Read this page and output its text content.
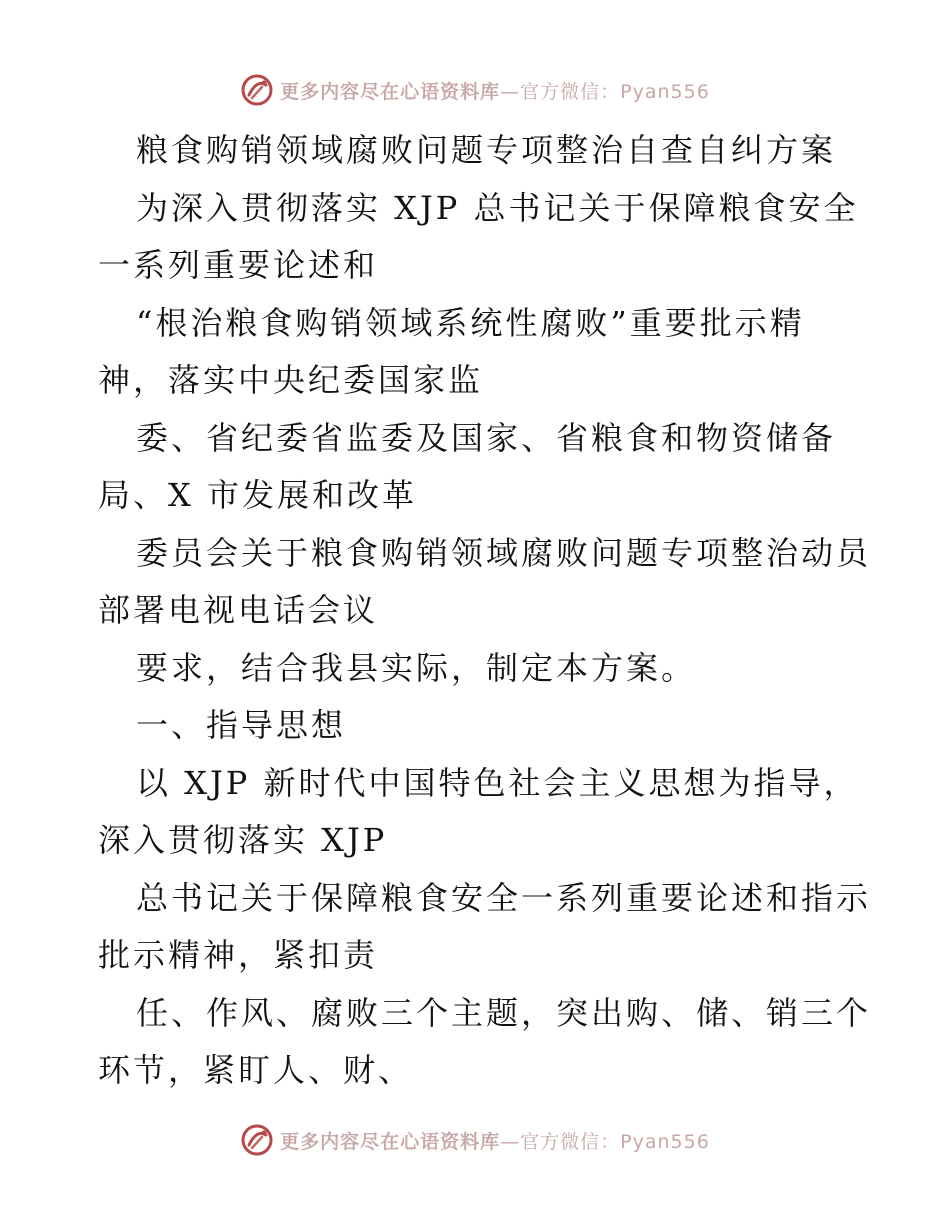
更多内容尽在心语资料库—官方微信：Pyan556
粮食购销领域腐败问题专项整治自查自纠方案
为深入贯彻落实 XJP 总书记关于保障粮食安全
一系列重要论述和
“根治粮食购销领域系统性腐败”重要批示精
神，落实中央纪委国家监
委、省纪委省监委及国家、省粮食和物资储备
局、X 市发展和改革
委员会关于粮食购销领域腐败问题专项整治动员
部署电视电话会议
要求，结合我县实际，制定本方案。
一、指导思想
以 XJP 新时代中国特色社会主义思想为指导，
深入贯彻落实 XJP
总书记关于保障粮食安全一系列重要论述和指示
批示精神，紧扣责
任、作风、腐败三个主题，突出购、储、销三个
环节，紧盯人、财、
更多内容尽在心语资料库—官方微信：Pyan556
